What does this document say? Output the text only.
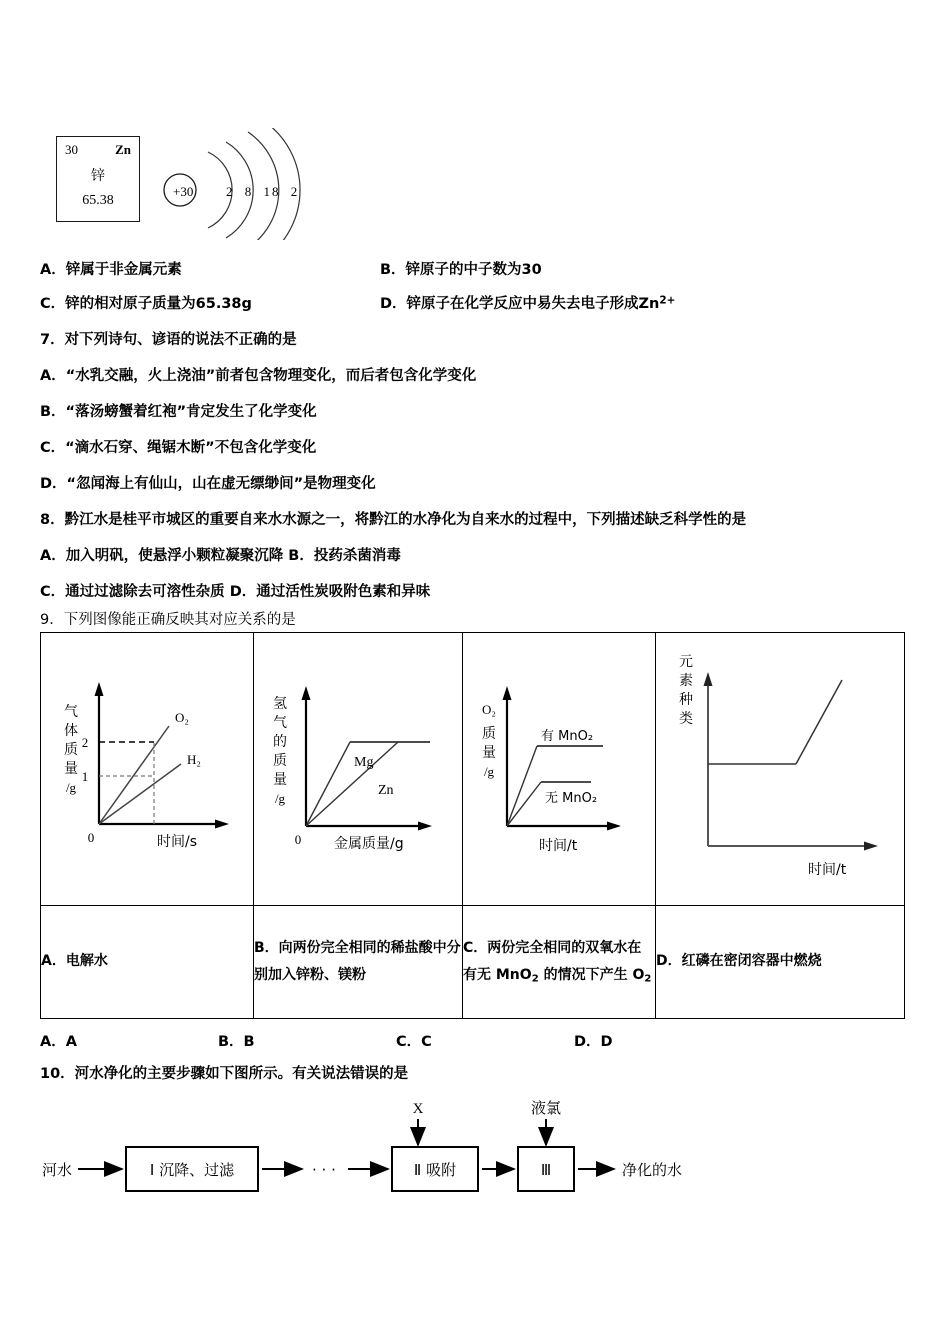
30	Zn
锌
65.38
+30	2 8 18 2
A．锌属于非金属元素	B．锌原子的中子数为30
C．锌的相对原子质量为65.38g	D．锌原子在化学反应中易失去电子形成$Zn^{2+}$
7．对下列诗句、谚语的说法不正确的是
A．“水乳交融，火上浇油”前者包含物理变化，而后者包含化学变化
B．“落汤螃蟹着红袍”肯定发生了化学变化
C．“滴水石穿、绳锯木断”不包含化学变化
D．“忽闻海上有仙山，山在虚无缥缈间”是物理变化
8．黔江水是桂平市城区的重要自来水水源之一，将黔江的水净化为自来水的过程中，下列描述缺乏科学性的是
A．加入明矾，使悬浮小颗粒凝聚沉降 B．投药杀菌消毒
C．通过过滤除去可溶性杂质 D．通过活性炭吸附色素和异味
9．下列图像能正确反映其对应关系的是
2
1
0
O₂
H₂
气
体
质
量
/g
时间/s

Mg
Zn
0
氢
气
的
质
量
/g
金属质量/g

有 MnO₂
无 MnO₂
O₂
质
量
/g
时间/t

元
素
种
类
时间/t

A．电解水	B．向两份完全相同的稀盐酸中分别加入锌粉、镁粉	C．两份完全相同的双氧水在有无 MnO$_2$ 的情况下产生 $O_2$	D．红磷在密闭容器中燃烧
A．A	B．B	C．C	D．D
10．河水净化的主要步骤如下图所示。有关说法错误的是
河水	Ⅰ 沉降、过滤	· · ·
X
Ⅱ 吸附
液氯
Ⅲ	净化的水
